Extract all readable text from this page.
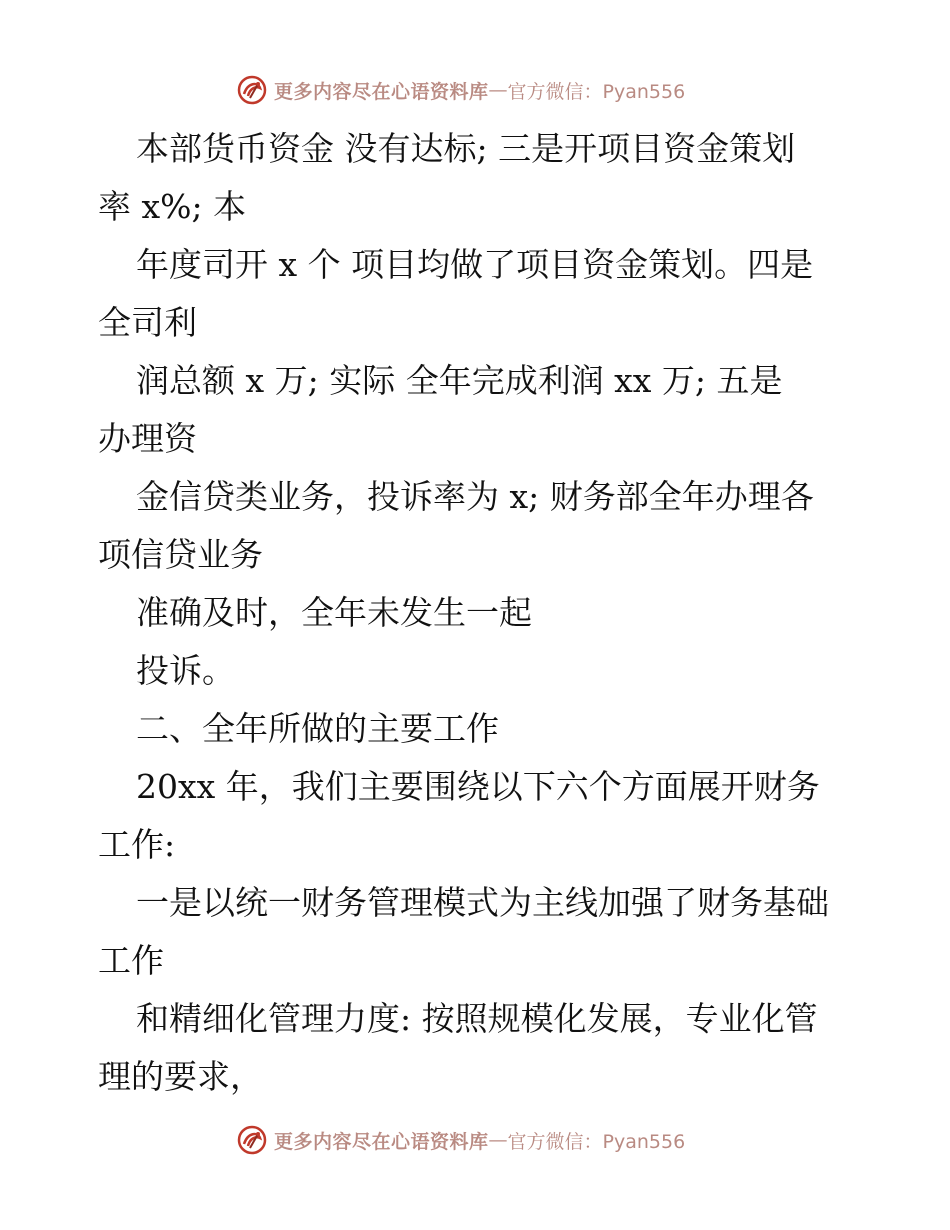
更多内容尽在心语资料库 — 官方微信：Pyan556
本部货币资金 没有达标; 三是开项目资金策划
率 x%; 本
年度司开 x 个 项目均做了项目资金策划。四是
全司利
润总额 x 万; 实际 全年完成利润 xx 万; 五是
办理资
金信贷类业务，投诉率为 x; 财务部全年办理各
项信贷业务
准确及时，全年未发生一起
投诉。
二、全年所做的主要工作
20xx 年，我们主要围绕以下六个方面展开财务
工作:
一是以统一财务管理模式为主线加强了财务基础
工作
和精细化管理力度: 按照规模化发展，专业化管
理的要求，
更多内容尽在心语资料库 — 官方微信：Pyan556
